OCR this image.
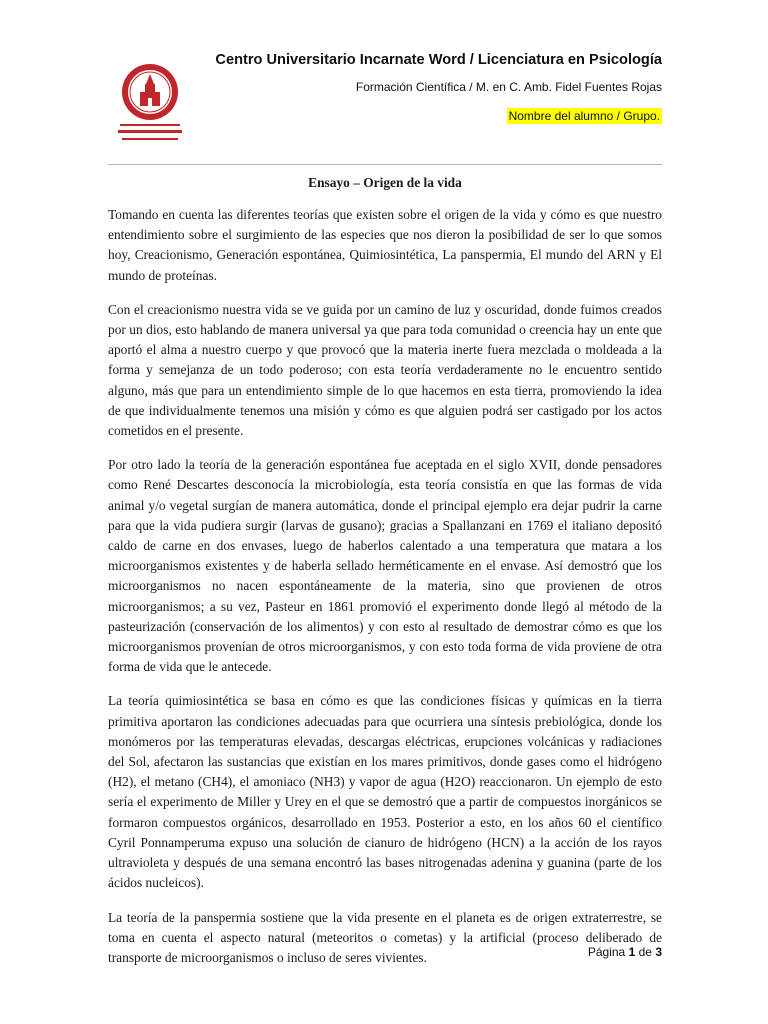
Centro Universitario Incarnate Word / Licenciatura en Psicología
Formación Científica / M. en C. Amb. Fidel Fuentes Rojas
Nombre del alumno / Grupo.
Ensayo – Origen de la vida

Tomando en cuenta las diferentes teorías que existen sobre el origen de la vida y cómo es que nuestro entendimiento sobre el surgimiento de las especies que nos dieron la posibilidad de ser lo que somos hoy, Creacionismo, Generación espontánea, Quimiosintética, La panspermia, El mundo del ARN y El mundo de proteínas.

Con el creacionismo nuestra vida se ve guida por un camino de luz y oscuridad, donde fuimos creados por un dios, esto hablando de manera universal ya que para toda comunidad o creencia hay un ente que aportó el alma a nuestro cuerpo y que provocó que la materia inerte fuera mezclada o moldeada a la forma y semejanza de un todo poderoso; con esta teoría verdaderamente no le encuentro sentido alguno, más que para un entendimiento simple de lo que hacemos en esta tierra, promoviendo la idea de que individualmente tenemos una misión y cómo es que alguien podrá ser castigado por los actos cometidos en el presente.

Por otro lado la teoría de la generación espontánea fue aceptada en el siglo XVII, donde pensadores como René Descartes desconocía la microbiología, esta teoría consistía en que las formas de vida animal y/o vegetal surgían de manera automática, donde el principal ejemplo era dejar pudrir la carne para que la vida pudiera surgir (larvas de gusano); gracias a Spallanzani en 1769 el italiano depositó caldo de carne en dos envases, luego de haberlos calentado a una temperatura que matara a los microorganismos existentes y de haberla sellado herméticamente en el envase. Así demostró que los microorganismos no nacen espontáneamente de la materia, sino que provienen de otros microorganismos; a su vez, Pasteur en 1861 promovió el experimento donde llegó al método de la pasteurización (conservación de los alimentos) y con esto al resultado de demostrar cómo es que los microorganismos provenían de otros microorganismos, y con esto toda forma de vida proviene de otra forma de vida que le antecede.

La teoría quimiosintética se basa en cómo es que las condiciones físicas y químicas en la tierra primitiva aportaron las condiciones adecuadas para que ocurriera una síntesis prebiológica, donde los monómeros por las temperaturas elevadas, descargas eléctricas, erupciones volcánicas y radiaciones del Sol, afectaron las sustancias que existían en los mares primitivos, donde gases como el hidrógeno (H2), el metano (CH4), el amoniaco (NH3) y vapor de agua (H2O) reaccionaron. Un ejemplo de esto sería el experimento de Miller y Urey en el que se demostró que a partir de compuestos inorgánicos se formaron compuestos orgánicos, desarrollado en 1953. Posterior a esto, en los años 60 el científico Cyril Ponnamperuma expuso una solución de cianuro de hidrógeno (HCN) a la acción de los rayos ultravioleta y después de una semana encontró las bases nitrogenadas adenina y guanina (parte de los ácidos nucleicos).

La teoría de la panspermia sostiene que la vida presente en el planeta es de origen extraterrestre, se toma en cuenta el aspecto natural (meteoritos o cometas) y la artificial (proceso deliberado de transporte de microorganismos o incluso de seres vivientes.	Página 1 de 3
